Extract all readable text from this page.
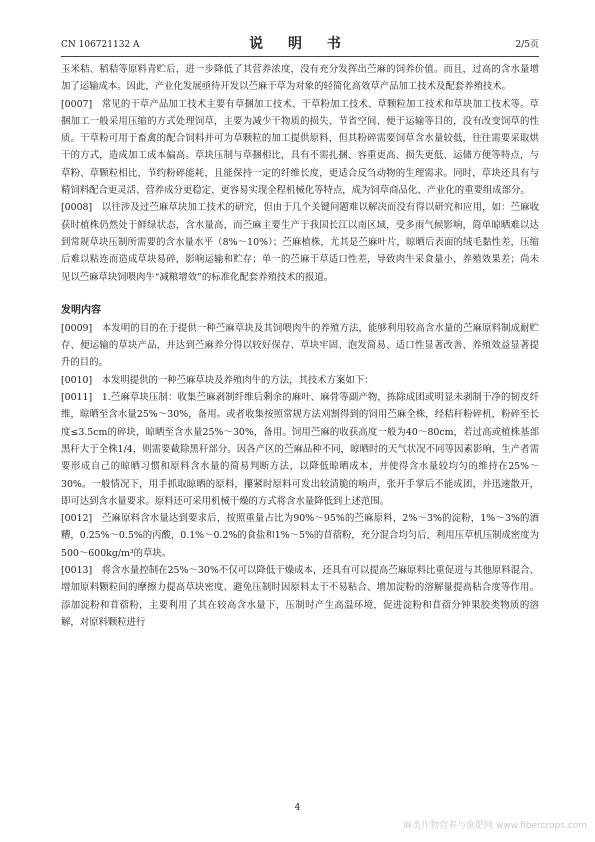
CN 106721132 A	说 明 书	2/5页

玉米秸、稻秸等原料青贮后，进一步降低了其营养浓度，没有充分发挥出苎麻的饲养价值。而且，过高的含水量增加了运输成本。因此，产业化发展亟待开发以苎麻干草为对象的轻简化高效草产品加工技术及配套养殖技术。

[0007]　 常见的干草产品加工技术主要有草捆加工技术、干草粉加工技术、草颗粒加工技术和草块加工技术等。草捆加工一般采用压缩的方式处理饲草，主要为减少干物质的损失、节省空间、便于运输等目的，没有改变饲草的性质。干草粉可用于畜禽的配合饲料并可为草颗粒的加工提供原料，但其粉碎需要饲草含水量较低，往往需要采取烘干的方式，造成加工成本偏高。草块压制与草捆相比，具有不需扎捆、容重更高、损失更低、运储方便等特点，与草粉、草颗粒相比，节约粉碎能耗，且能保持一定的纤维长度，更适合反刍动物的生理需求。同时，草块还具有与精饲料配合更灵活、营养成分更稳定、更容易实现全程机械化等特点，成为饲草商品化、产业化的重要组成部分。

[0008]　 以往涉及过苎麻草块加工技术的研究，但由于几个关键问题难以解决而没有得以研究和应用，如：苎麻收获时植株仍然处于鲜绿状态，含水量高，而苎麻主要生产于我国长江以南区域，受多雨气候影响，简单晾晒难以达到常规草块压制所需要的含水量水平（8%～10%）；苎麻植株，尤其是苎麻叶片，晾晒后表面的绒毛黏性差，压缩后难以粘连而造成草块易碎，影响运输和贮存；单一的苎麻干草适口性差，导致肉牛采食量小，养殖效果差；尚未见以苎麻草块饲喂肉牛“减粮增效”的标准化配套养殖技术的报道。

发明内容

[0009]　 本发明的目的在于提供一种苎麻草块及其饲喂肉牛的养殖方法，能够利用较高含水量的苎麻原料制成耐贮存、便运输的草块产品，并达到苎麻养分得以较好保存、草块牢固、泡发简易、适口性显著改善、养殖效益显著提升的目的。

[0010]　 本发明提供的一种苎麻草块及养殖肉牛的方法，其技术方案如下：

[0011]　 1.苎麻草块压制：收集苎麻剥制纤维后剩余的麻叶、麻骨等副产物，拣除成团或明显未剥制干净的韧皮纤维，晾晒至含水量25%～30%，备用。或者收集按照常规方法刈割得到的饲用苎麻全株，经秸秆粉碎机，粉碎至长度≤3.5cm的碎块，晾晒至含水量25%～30%，备用。饲用苎麻的收获高度一般为40～80cm，若过高或植株基部黑秆大于全株1/4，则需要截除黑秆部分。因各产区的苎麻品种不同，晾晒时的天气状况不同等因素影响，生产者需要形成自己的晾晒习惯和原料含水量的简易判断方法，以降低晾晒成本，并使得含水量较均匀的维持在25%～30%。一般情况下，用手抓取晾晒的原料，攥紧时原料可发出较清脆的响声，张开手掌后不能成团，并迅速散开，即可达到含水量要求。原料还可采用机械干燥的方式将含水量降低到上述范围。

[0012]　 苎麻原料含水量达到要求后，按照重量占比为90%～95%的苎麻原料，2%～3%的淀粉，1%～3%的酒糟，0.25%～0.5%的丙酸，0.1%～0.2%的食盐和1%～5%的苜蓿粉，充分混合均匀后，利用压草机压制成密度为500～600kg/m³的草块。

[0013]　 将含水量控制在25%～30%不仅可以降低干燥成本，还具有可以提高苎麻原料比重促进与其他原料混合、增加原料颗粒间的摩擦力提高草块密度、避免压制时因原料太干不易粘合、增加淀粉的溶解量提高粘合度等作用。添加淀粉和苜蓿粉，主要利用了其在较高含水量下，压制时产生高温环境，促进淀粉和苜蓿分钟果胶类物质的溶解，对原料颗粒进行

4
麻类作物营养与施肥网 www.fibercrops.com
